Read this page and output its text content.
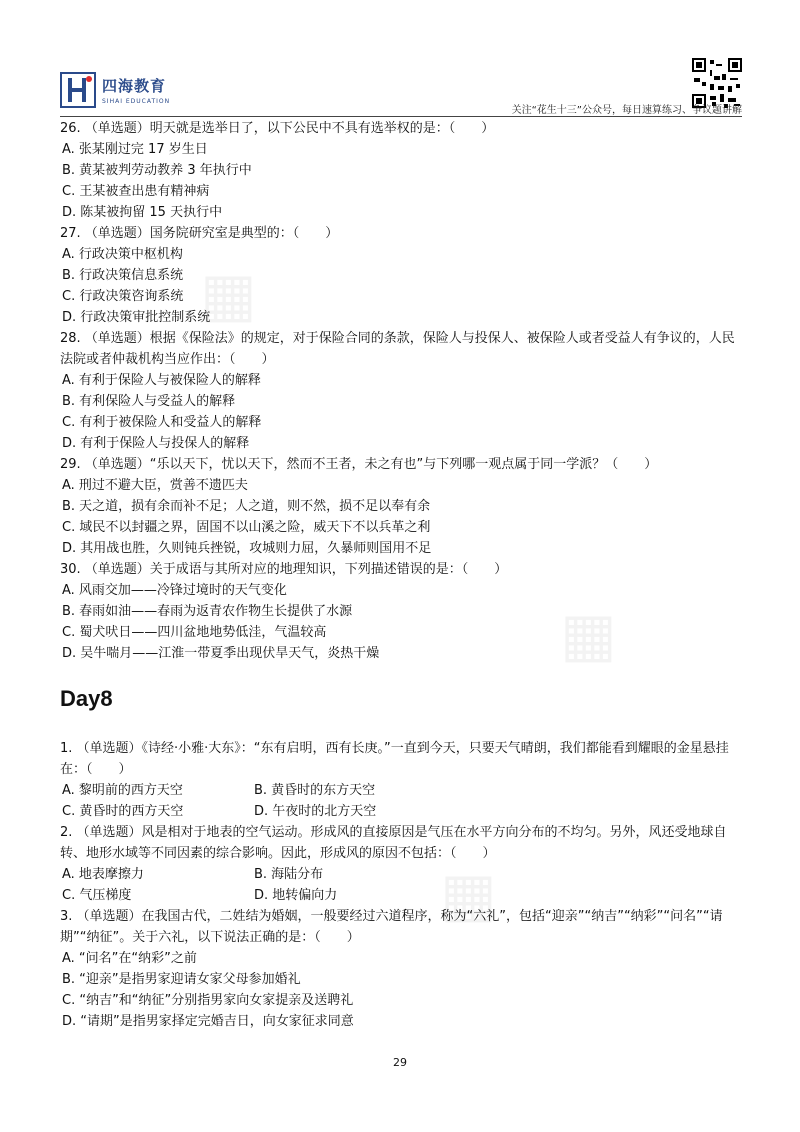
▦
▦
▦
四海教育
SIHAI EDUCATION
关注“花生十三”公众号，每日速算练习、争议题讲解

26. （单选题）明天就是选举日了，以下公民中不具有选举权的是：（　　）

A. 张某刚过完 17 岁生日
B. 黄某被判劳动教养 3 年执行中
C. 王某被查出患有精神病
D. 陈某被拘留 15 天执行中

27. （单选题）国务院研究室是典型的：（　　）

A. 行政决策中枢机构
B. 行政决策信息系统
C. 行政决策咨询系统
D. 行政决策审批控制系统

28. （单选题）根据《保险法》的规定，对于保险合同的条款，保险人与投保人、被保险人或者受益人有争议的，人民法院或者仲裁机构当应作出：（　　）

A. 有利于保险人与被保险人的解释
B. 有利保险人与受益人的解释
C. 有利于被保险人和受益人的解释
D. 有利于保险人与投保人的解释

29. （单选题）“乐以天下，忧以天下，然而不王者，未之有也”与下列哪一观点属于同一学派？（　　）

A. 刑过不避大臣，赏善不遗匹夫
B. 天之道，损有余而补不足；人之道，则不然，损不足以奉有余
C. 域民不以封疆之界，固国不以山溪之险，威天下不以兵革之利
D. 其用战也胜，久则钝兵挫锐，攻城则力屈，久暴师则国用不足

30. （单选题）关于成语与其所对应的地理知识，下列描述错误的是：（　　）

A. 风雨交加——冷锋过境时的天气变化
B. 春雨如油——春雨为返青农作物生长提供了水源
C. 蜀犬吠日——四川盆地地势低洼，气温较高
D. 吴牛喘月——江淮一带夏季出现伏旱天气，炎热干燥
Day8

1. （单选题）《诗经·小雅·大东》：“东有启明，西有长庚。”一直到今天，只要天气晴朗，我们都能看到耀眼的金星悬挂在：（　　）

A. 黎明前的西方天空	B. 黄昏时的东方天空
C. 黄昏时的西方天空	D. 午夜时的北方天空

2. （单选题）风是相对于地表的空气运动。形成风的直接原因是气压在水平方向分布的不均匀。另外，风还受地球自转、地形水域等不同因素的综合影响。因此，形成风的原因不包括：（　　）

A. 地表摩擦力	B. 海陆分布
C. 气压梯度	D. 地转偏向力

3. （单选题）在我国古代，二姓结为婚姻，一般要经过六道程序，称为“六礼”，包括“迎亲”“纳吉”“纳彩”“问名”“请期”“纳征”。关于六礼，以下说法正确的是：（　　）

A. “问名”在“纳彩”之前
B. “迎亲”是指男家迎请女家父母参加婚礼
C. “纳吉”和“纳征”分别指男家向女家提亲及送聘礼
D. “请期”是指男家择定完婚吉日，向女家征求同意
29
